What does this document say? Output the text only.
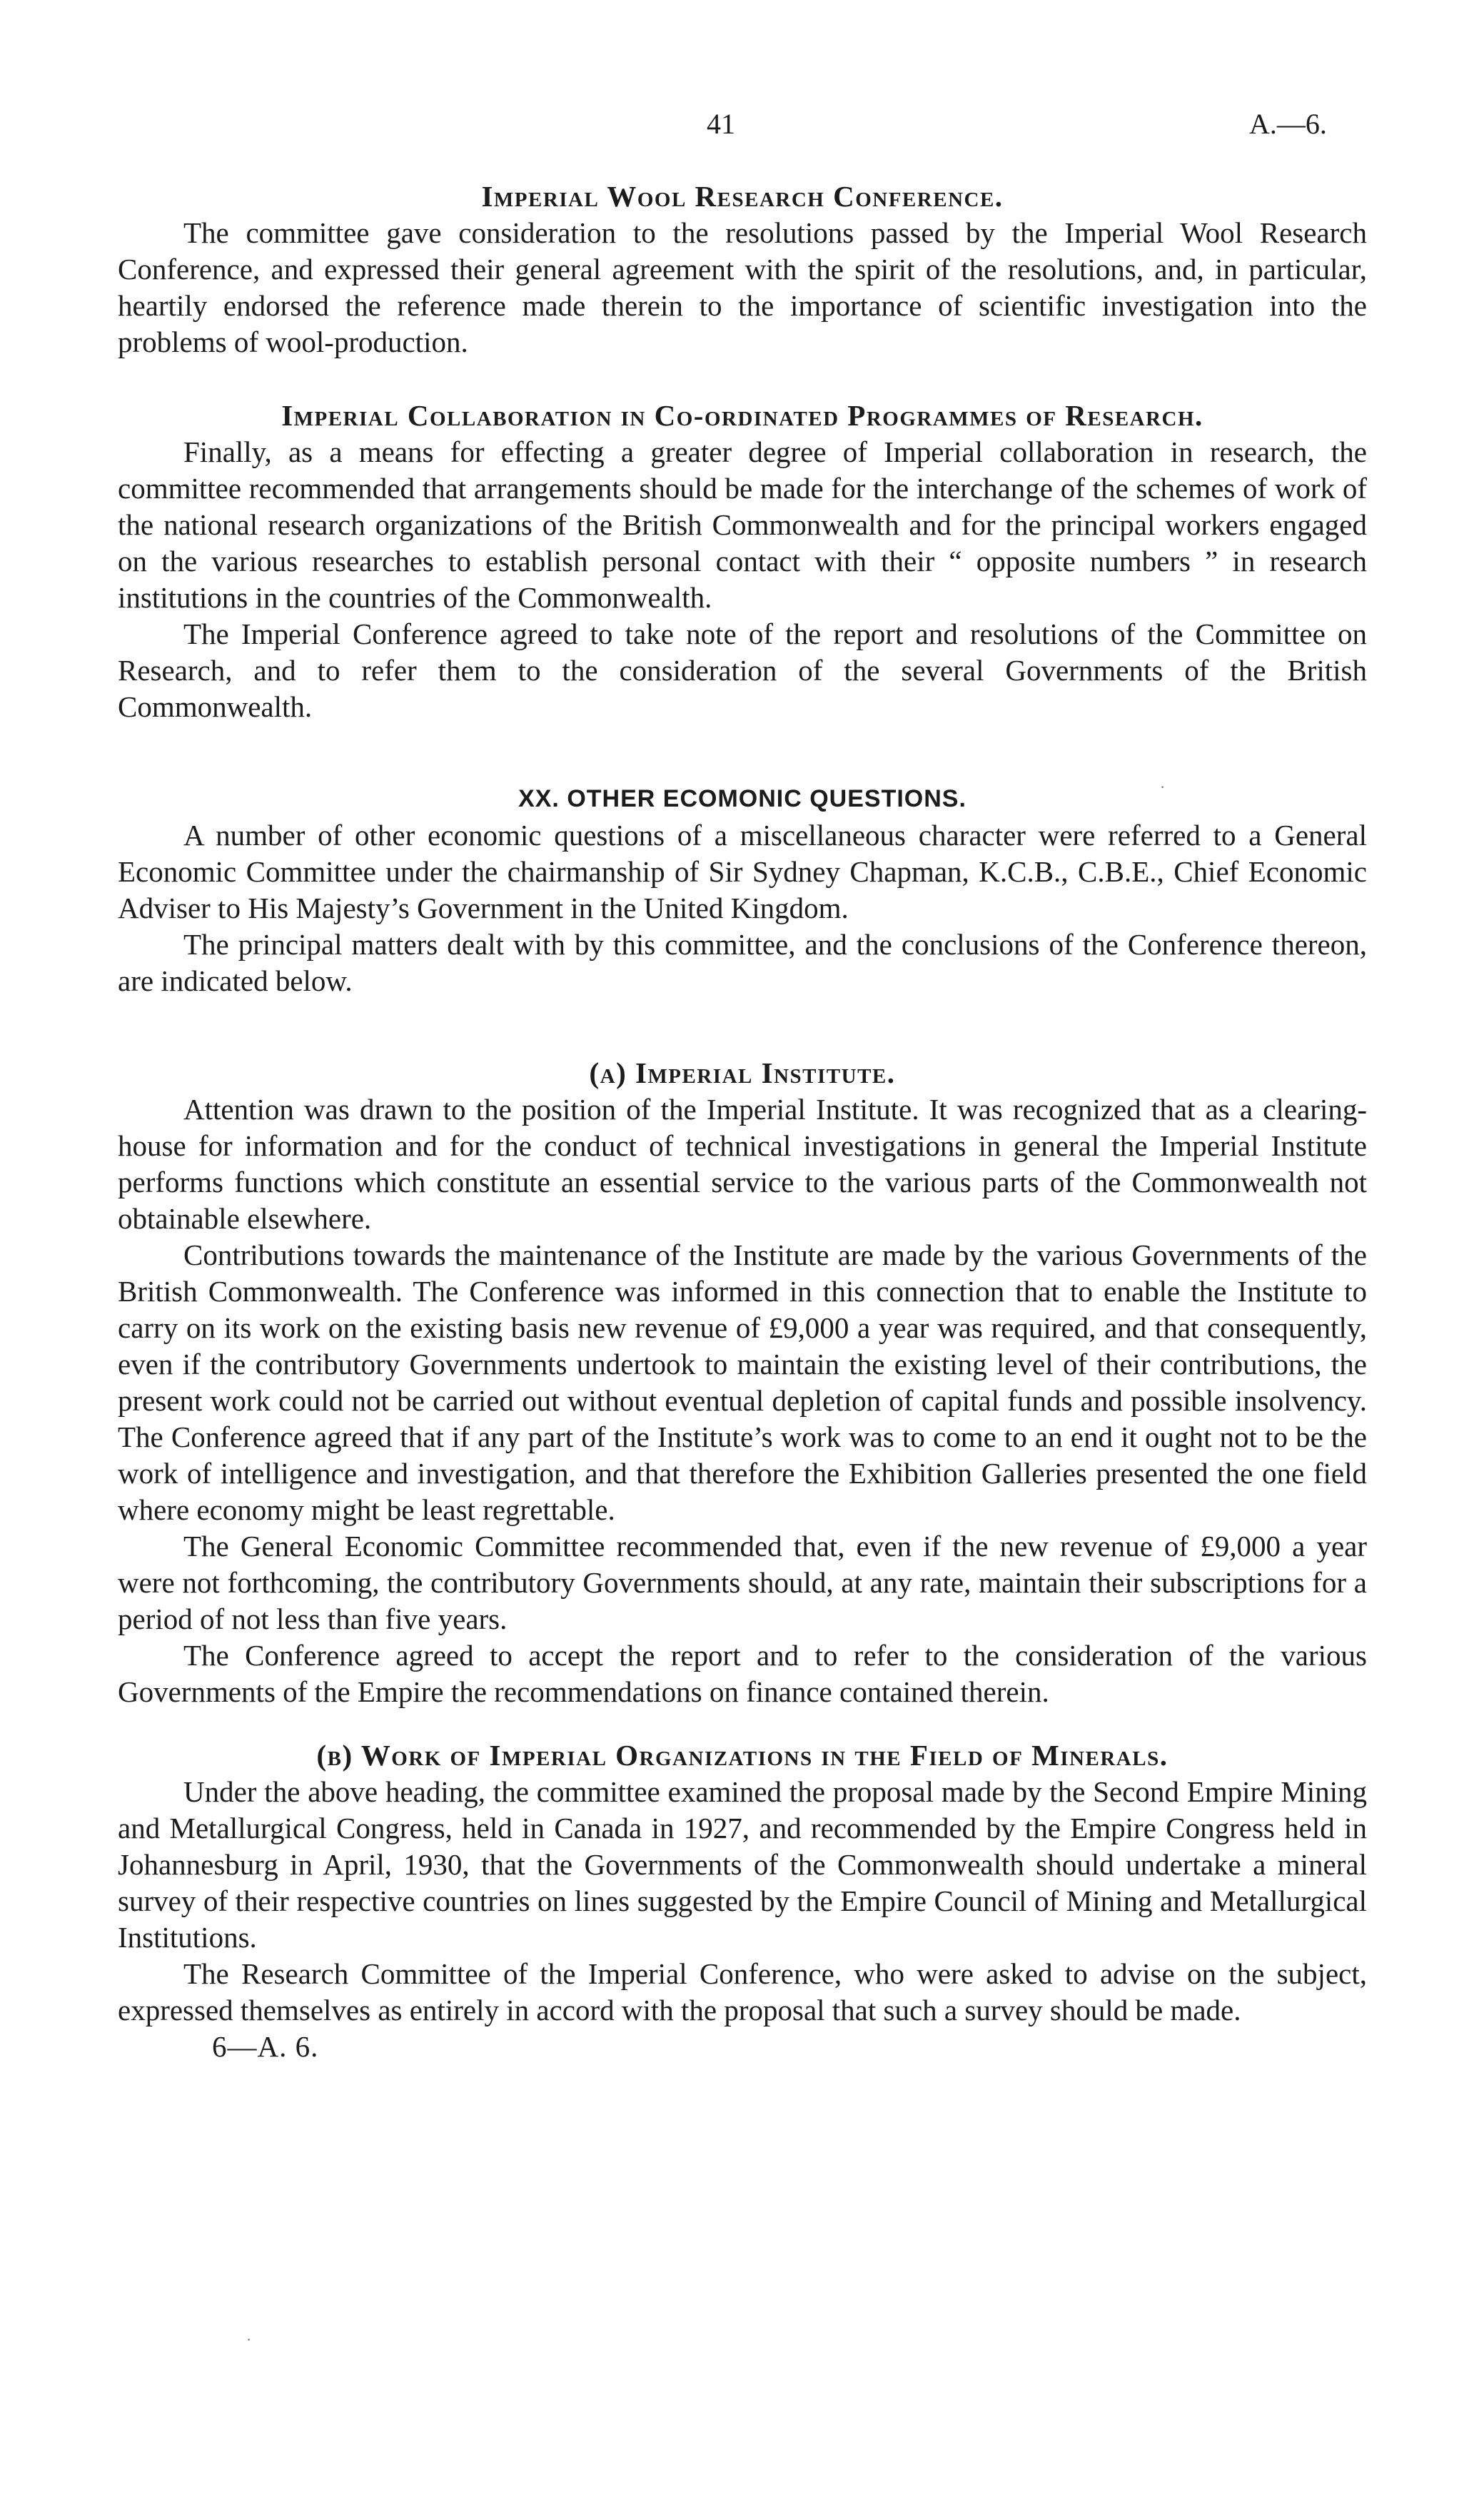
41	A.—6.
Imperial Wool Research Conference.

The committee gave consideration to the resolutions passed by the Imperial Wool Research Conference, and expressed their general agreement with the spirit of the resolutions, and, in particular, heartily endorsed the reference made therein to the importance of scientific investigation into the problems of wool-production.

Imperial Collaboration in Co-ordinated Programmes of Research.

Finally, as a means for effecting a greater degree of Imperial collaboration in research, the committee recommended that arrangements should be made for the interchange of the schemes of work of the national research organizations of the British Commonwealth and for the principal workers engaged on the various researches to establish personal contact with their “ opposite numbers ” in research institutions in the countries of the Commonwealth.

The Imperial Conference agreed to take note of the report and resolutions of the Committee on Research, and to refer them to the consideration of the several Governments of the British Commonwealth.

XX. OTHER ECOMONIC QUESTIONS.

A number of other economic questions of a miscellaneous character were referred to a General Economic Committee under the chairmanship of Sir Sydney Chapman, K.C.B., C.B.E., Chief Economic Adviser to His Majesty’s Government in the United Kingdom.

The principal matters dealt with by this committee, and the conclusions of the Conference thereon, are indicated below.

(a) Imperial Institute.

Attention was drawn to the position of the Imperial Institute. It was recognized that as a clearing-house for information and for the conduct of technical investigations in general the Imperial Institute performs functions which constitute an essential service to the various parts of the Commonwealth not obtainable elsewhere.

Contributions towards the maintenance of the Institute are made by the various Governments of the British Commonwealth. The Conference was informed in this connection that to enable the Institute to carry on its work on the existing basis new revenue of £9,000 a year was required, and that consequently, even if the contributory Governments undertook to maintain the existing level of their contributions, the present work could not be carried out without eventual depletion of capital funds and possible insolvency. The Conference agreed that if any part of the Institute’s work was to come to an end it ought not to be the work of intelligence and investigation, and that therefore the Exhibition Galleries presented the one field where economy might be least regrettable.

The General Economic Committee recommended that, even if the new revenue of £9,000 a year were not forthcoming, the contributory Governments should, at any rate, maintain their subscriptions for a period of not less than five years.

The Conference agreed to accept the report and to refer to the consideration of the various Governments of the Empire the recommendations on finance contained therein.

(b) Work of Imperial Organizations in the Field of Minerals.

Under the above heading, the committee examined the proposal made by the Second Empire Mining and Metallurgical Congress, held in Canada in 1927, and recommended by the Empire Congress held in Johannesburg in April, 1930, that the Governments of the Commonwealth should undertake a mineral survey of their respective countries on lines suggested by the Empire Council of Mining and Metallurgical Institutions.

The Research Committee of the Imperial Conference, who were asked to advise on the subject, expressed themselves as entirely in accord with the proposal that such a survey should be made.

6—A. 6.

·
·
